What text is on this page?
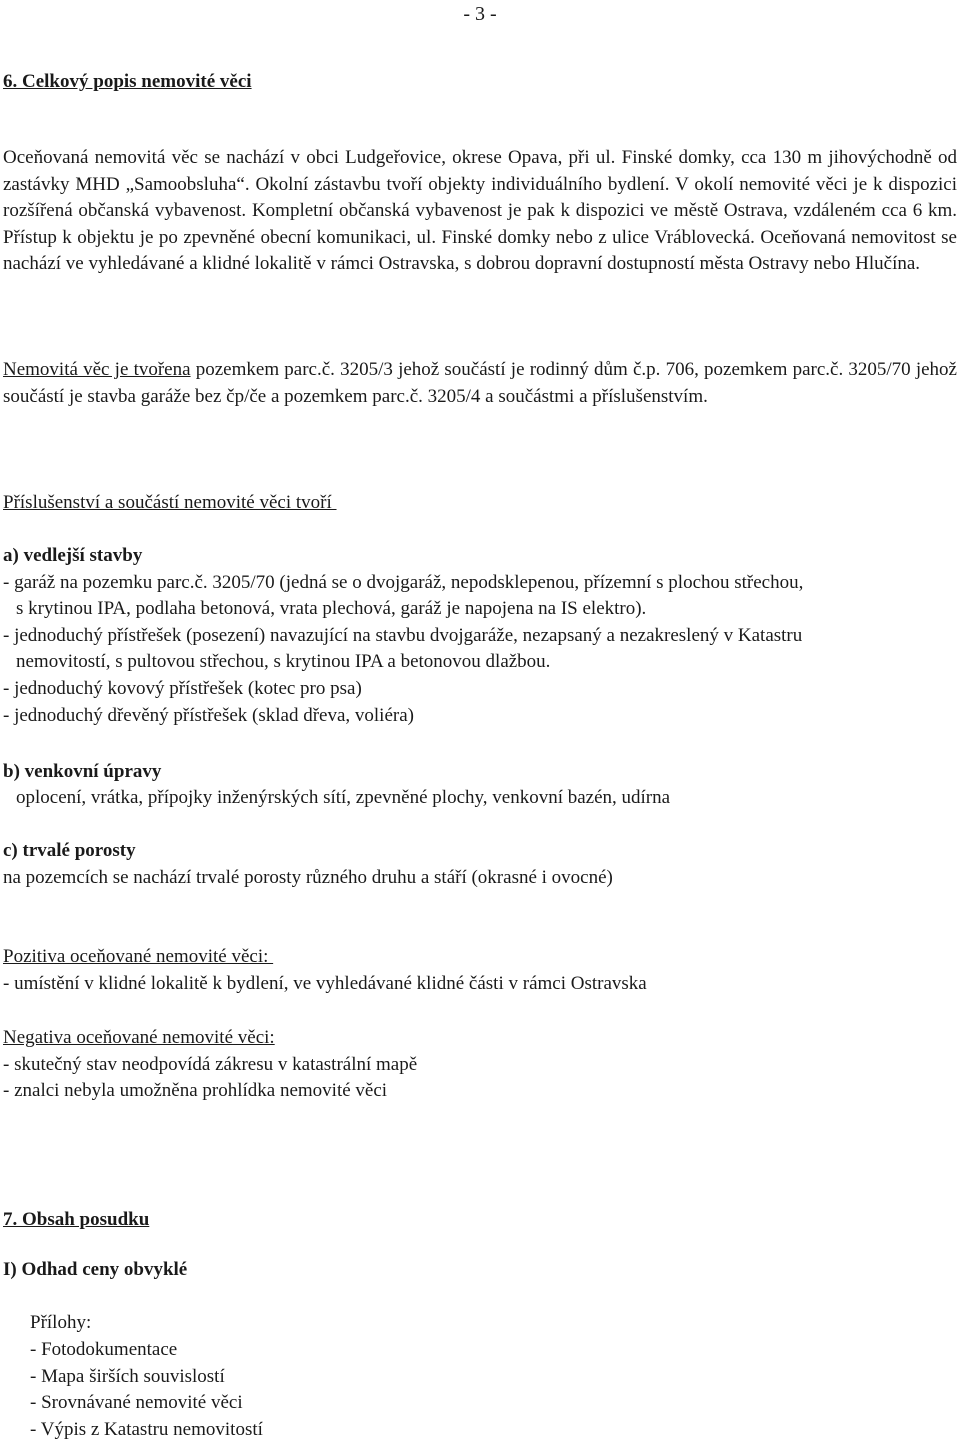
- 3 -
6. Celkový popis nemovité věci

Oceňovaná nemovitá věc se nachází v obci Ludgeřovice, okrese Opava, při ul. Finské domky, cca 130 m jihovýchodně od zastávky MHD „Samoobsluha“. Okolní zástavbu tvoří objekty individuálního bydlení. V okolí nemovité věci je k dispozici rozšířená občanská vybavenost. Kompletní občanská vybavenost je pak k dispozici ve městě Ostrava, vzdáleném cca 6 km. Přístup k objektu je po zpevněné obecní komunikaci, ul. Finské domky nebo z ulice Vráblovecká. Oceňovaná nemovitost se nachází ve vyhledávané a klidné lokalitě v rámci Ostravska, s dobrou dopravní dostupností města Ostravy nebo Hlučína.

Nemovitá věc je tvořena pozemkem parc.č. 3205/3 jehož součástí je rodinný dům č.p. 706, pozemkem parc.č. 3205/70 jehož součástí je stavba garáže bez čp/če a pozemkem parc.č. 3205/4 a součástmi a příslušenstvím.

Příslušenství a součástí nemovité věci tvoří
a) vedlejší stavby
- garáž na pozemku parc.č. 3205/70 (jedná se o dvojgaráž, nepodsklepenou, přízemní s plochou střechou,
s krytinou IPA, podlaha betonová, vrata plechová, garáž je napojena na IS elektro).
- jednoduchý přístřešek (posezení) navazující na stavbu dvojgaráže, nezapsaný a nezakreslený v Katastru
nemovitostí, s pultovou střechou, s krytinou IPA a betonovou dlažbou.
- jednoduchý kovový přístřešek (kotec pro psa)
- jednoduchý dřevěný přístřešek (sklad dřeva, voliéra)
b) venkovní úpravy
oplocení, vrátka, přípojky inženýrských sítí, zpevněné plochy, venkovní bazén, udírna
c) trvalé porosty
na pozemcích se nachází trvalé porosty různého druhu a stáří (okrasné i ovocné)
Pozitiva oceňované nemovité věci:
- umístění v klidné lokalitě k bydlení, ve vyhledávané klidné části v rámci Ostravska
Negativa oceňované nemovité věci:
- skutečný stav neodpovídá zákresu v katastrální mapě
- znalci nebyla umožněna prohlídka nemovité věci
7. Obsah posudku
I) Odhad ceny obvyklé
Přílohy:
- Fotodokumentace
- Mapa širších souvislostí
- Srovnávané nemovité věci
- Výpis z Katastru nemovitostí
